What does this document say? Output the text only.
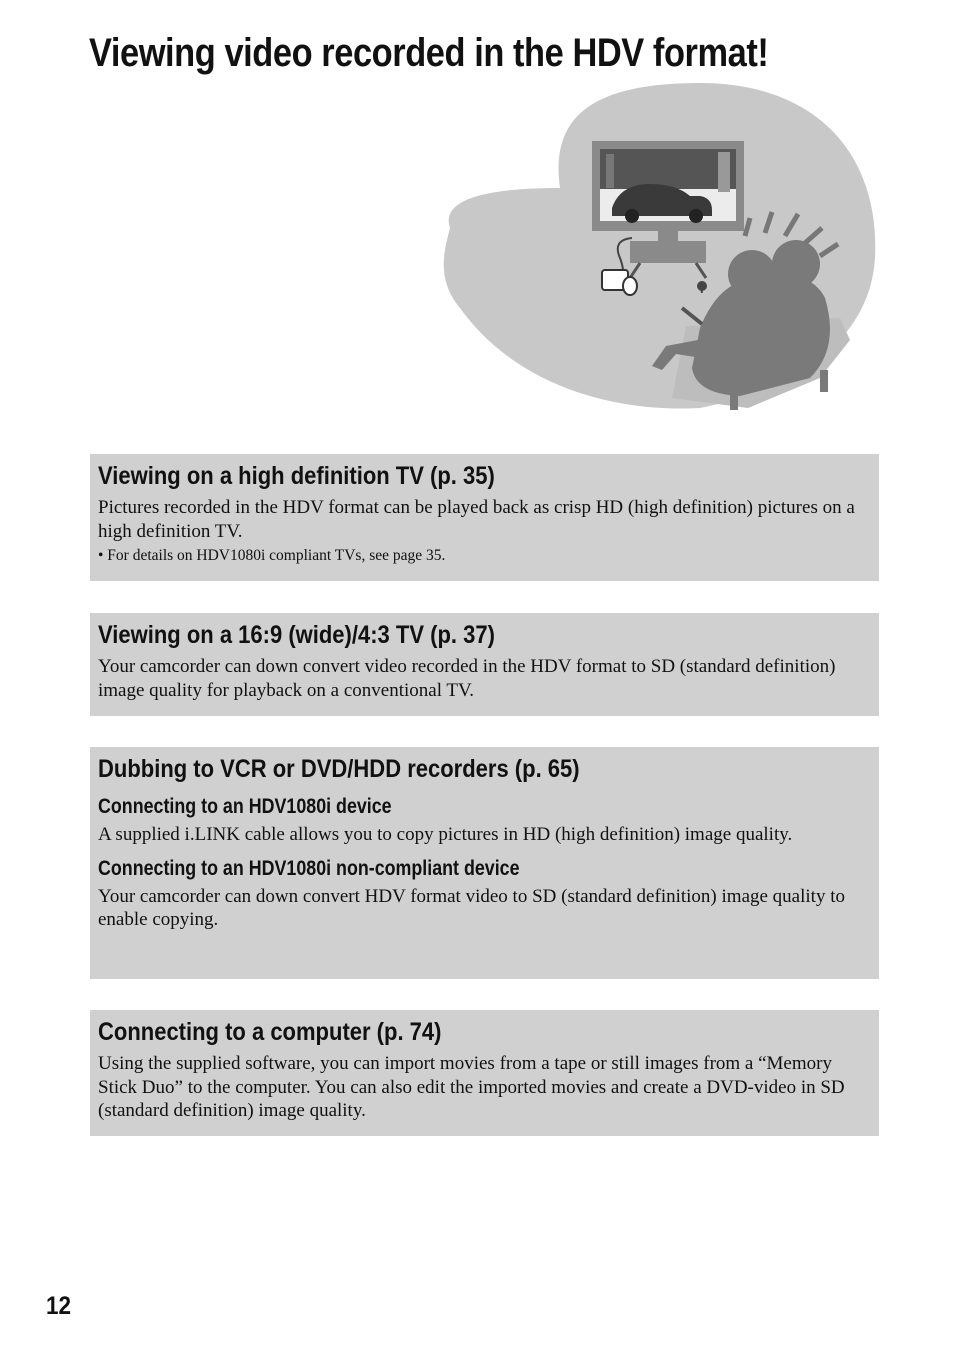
Viewing video recorded in the HDV format!
Viewing on a high definition TV (p. 35)

Pictures recorded in the HDV format can be played back as crisp HD (high definition) pictures on a high definition TV.

• For details on HDV1080i compliant TVs, see page 35.

Viewing on a 16:9 (wide)/4:3 TV (p. 37)

Your camcorder can down convert video recorded in the HDV format to SD (standard definition) image quality for playback on a conventional TV.

Dubbing to VCR or DVD/HDD recorders (p. 65)
Connecting to an HDV1080i device

A supplied i.LINK cable allows you to copy pictures in HD (high definition) image quality.

Connecting to an HDV1080i non-compliant device

Your camcorder can down convert HDV format video to SD (standard definition) image quality to enable copying.

Connecting to a computer (p. 74)

Using the supplied software, you can import movies from a tape or still images from a “Memory Stick Duo” to the computer. You can also edit the imported movies and create a DVD-video in SD (standard definition) image quality.

12
